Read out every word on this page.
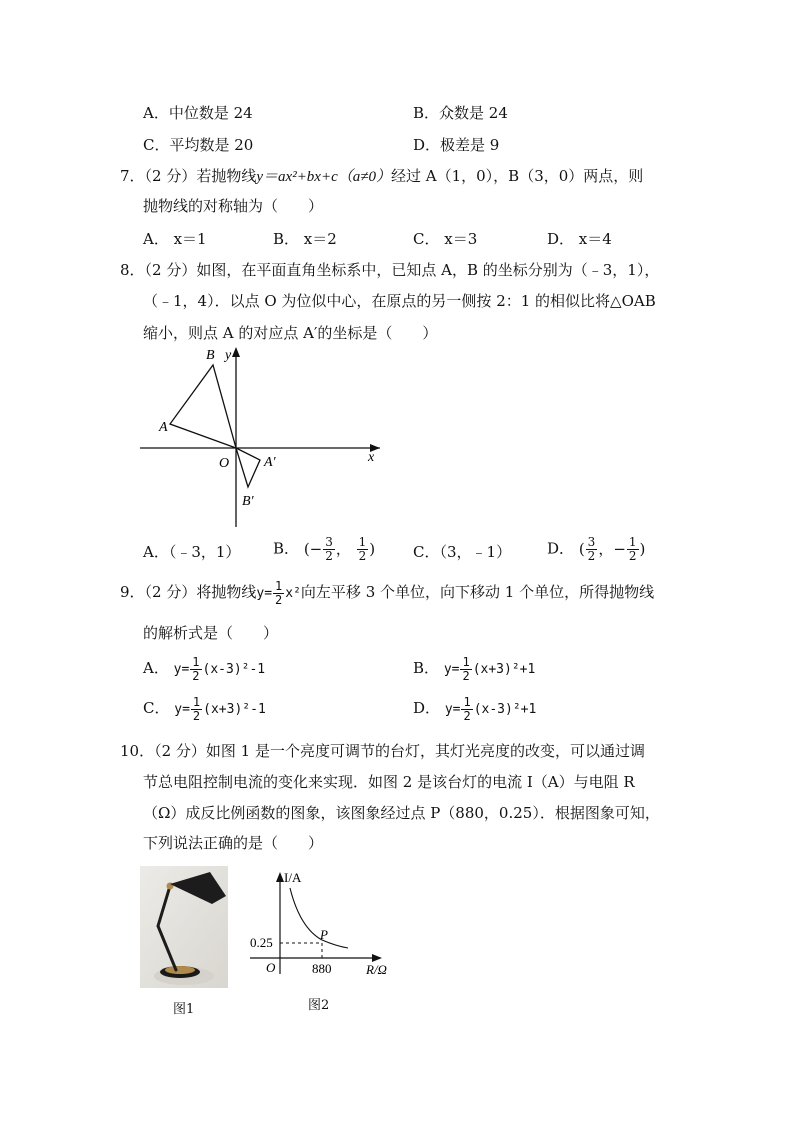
A．中位数是 24	B．众数是 24
C．平均数是 20	D．极差是 9
7．（2 分）若抛物线y＝ax²+bx+c（a≠0）经过 A（1，0），B（3，0）两点，则
抛物线的对称轴为（　　）
A． x＝1	B． x＝2	C． x＝3	D． x＝4
8．（2 分）如图，在平面直角坐标系中，已知点 A，B 的坐标分别为（﹣3，1），
（﹣1，4）．以点 O 为位似中心，在原点的另一侧按 2：1 的相似比将△OAB
缩小，则点 A 的对应点 A′的坐标是（　　）
B y
A
O	x
A′
B′
A．（﹣3，1） B． (− $\frac{3}{2}$ ， $\frac{1}{2}$ )	C．（3，﹣1） D． ( $\frac{3}{2}$ ，− $\frac{1}{2}$ )
9．（2 分）将抛物线$y= \frac{1}{2} x^2$向左平移 3 个单位，向下移动 1 个单位，所得抛物线
的解析式是（　　）
A． $y= \frac{1}{2} (x-3)^2-1$	B． $y= \frac{1}{2} (x+3)^2+1$
C． $y= \frac{1}{2} (x+3)^2-1$	D． $y= \frac{1}{2} (x-3)^2+1$
10．（2 分）如图 1 是一个亮度可调节的台灯，其灯光亮度的改变，可以通过调
节总电阻控制电流的变化来实现．如图 2 是该台灯的电流 I（A）与电阻 R
（Ω）成反比例函数的图象，该图象经过点 P（880，0.25）．根据图象可知，
下列说法正确的是（　　）
图1
I/A
R/Ω
O
0.25
880
P
图2
